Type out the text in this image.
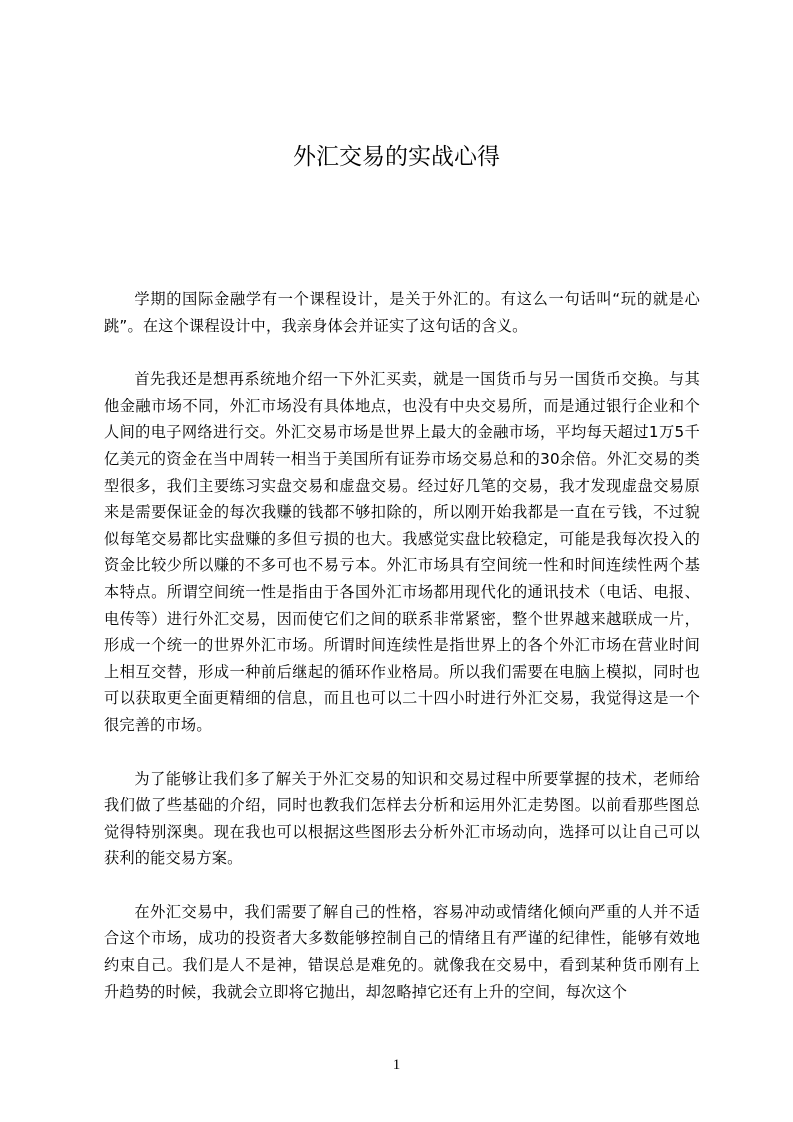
外汇交易的实战心得

学期的国际金融学有一个课程设计，是关于外汇的。有这么一句话叫“玩的就是心跳”。在这个课程设计中，我亲身体会并证实了这句话的含义。

首先我还是想再系统地介绍一下外汇买卖，就是一国货币与另一国货币交换。与其他金融市场不同，外汇市场没有具体地点，也没有中央交易所，而是通过银行企业和个人间的电子网络进行交。外汇交易市场是世界上最大的金融市场，平均每天超过1万5千亿美元的资金在当中周转一相当于美国所有证券市场交易总和的30余倍。外汇交易的类型很多，我们主要练习实盘交易和虚盘交易。经过好几笔的交易，我才发现虚盘交易原来是需要保证金的每次我赚的钱都不够扣除的，所以刚开始我都是一直在亏钱，不过貌似每笔交易都比实盘赚的多但亏损的也大。我感觉实盘比较稳定，可能是我每次投入的资金比较少所以赚的不多可也不易亏本。外汇市场具有空间统一性和时间连续性两个基本特点。所谓空间统一性是指由于各国外汇市场都用现代化的通讯技术（电话、电报、电传等）进行外汇交易，因而使它们之间的联系非常紧密，整个世界越来越联成一片，形成一个统一的世界外汇市场。所谓时间连续性是指世界上的各个外汇市场在营业时间上相互交替，形成一种前后继起的循环作业格局。所以我们需要在电脑上模拟，同时也可以获取更全面更精细的信息，而且也可以二十四小时进行外汇交易，我觉得这是一个很完善的市场。

为了能够让我们多了解关于外汇交易的知识和交易过程中所要掌握的技术，老师给我们做了些基础的介绍，同时也教我们怎样去分析和运用外汇走势图。以前看那些图总觉得特别深奥。现在我也可以根据这些图形去分析外汇市场动向，选择可以让自己可以获利的能交易方案。

在外汇交易中，我们需要了解自己的性格，容易冲动或情绪化倾向严重的人并不适合这个市场，成功的投资者大多数能够控制自己的情绪且有严谨的纪律性，能够有效地约束自己。我们是人不是神，错误总是难免的。就像我在交易中，看到某种货币刚有上升趋势的时候，我就会立即将它抛出，却忽略掉它还有上升的空间，每次这个

1
